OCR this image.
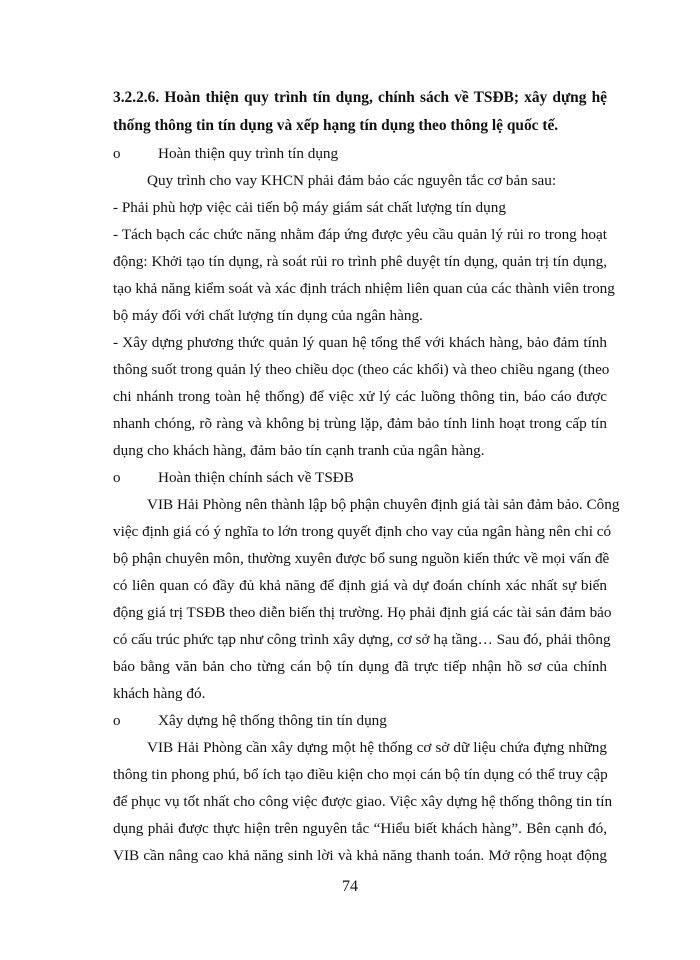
3.2.2.6. Hoàn thiện quy trình tín dụng, chính sách về TSĐB; xây dựng hệ
thống thông tin tín dụng và xếp hạng tín dụng theo thông lệ quốc tế.
o Hoàn thiện quy trình tín dụng
Quy trình cho vay KHCN phải đảm bảo các nguyên tắc cơ bản sau:
- Phải phù hợp việc cải tiến bộ máy giám sát chất lượng tín dụng
- Tách bạch các chức năng nhằm đáp ứng được yêu cầu quản lý rủi ro trong hoạt
động: Khởi tạo tín dụng, rà soát rủi ro trình phê duyệt tín dụng, quản trị tín dụng,
tạo khả năng kiểm soát và xác định trách nhiệm liên quan của các thành viên trong
bộ máy đối với chất lượng tín dụng của ngân hàng.
- Xây dựng phương thức quản lý quan hệ tổng thể với khách hàng, bảo đảm tính
thông suốt trong quản lý theo chiều dọc (theo các khối) và theo chiều ngang (theo
chi nhánh trong toàn hệ thống) để việc xử lý các luồng thông tin, báo cáo được
nhanh chóng, rõ ràng và không bị trùng lặp, đảm bảo tính linh hoạt trong cấp tín
dụng cho khách hàng, đảm bảo tín cạnh tranh của ngân hàng.
o Hoàn thiện chính sách về TSĐB
VIB Hải Phòng nên thành lập bộ phận chuyên định giá tài sản đảm bảo. Công
việc định giá có ý nghĩa to lớn trong quyết định cho vay của ngân hàng nên chỉ có
bộ phận chuyên môn, thường xuyên được bổ sung nguồn kiến thức về mọi vấn đề
có liên quan có đầy đủ khả năng để định giá và dự đoán chính xác nhất sự biến
động giá trị TSĐB theo diễn biến thị trường. Họ phải định giá các tài sản đảm bảo
có cấu trúc phức tạp như công trình xây dựng, cơ sở hạ tầng… Sau đó, phải thông
báo bằng văn bản cho từng cán bộ tín dụng đã trực tiếp nhận hồ sơ của chính
khách hàng đó.
o Xây dựng hệ thống thông tin tín dụng
VIB Hải Phòng cần xây dựng một hệ thống cơ sở dữ liệu chứa đựng những
thông tin phong phú, bổ ích tạo điều kiện cho mọi cán bộ tín dụng có thể truy cập
để phục vụ tốt nhất cho công việc được giao. Việc xây dựng hệ thống thông tin tín
dụng phải được thực hiện trên nguyên tắc “Hiểu biết khách hàng”. Bên cạnh đó,
VIB cần nâng cao khả năng sinh lời và khả năng thanh toán. Mở rộng hoạt động
74
